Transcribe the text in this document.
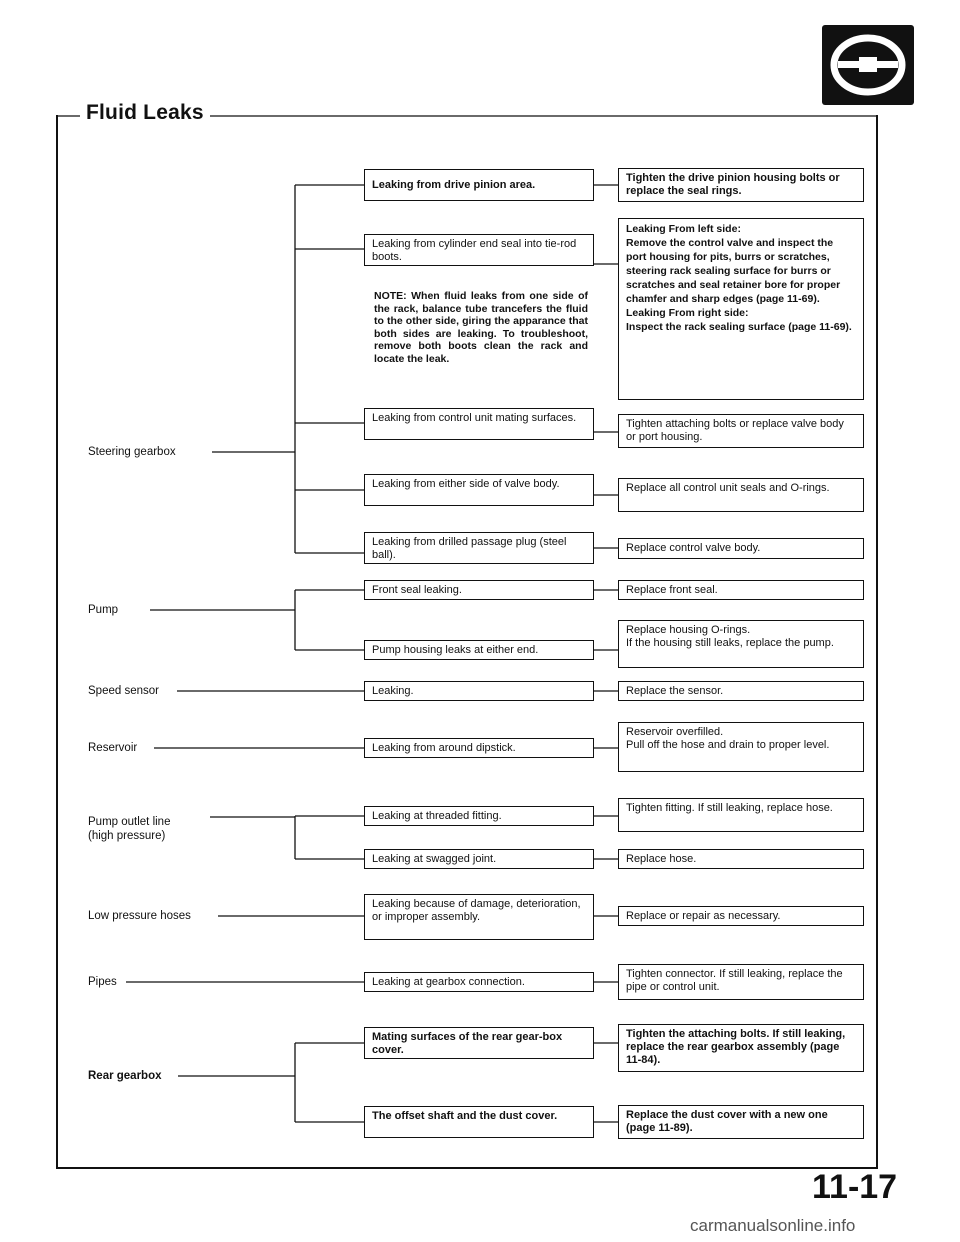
Fluid Leaks
Steering gearbox
Pump
Speed sensor
Reservoir
Pump outlet line
(high pressure)
Low pressure hoses
Pipes
Rear gearbox
Leaking from drive pinion area.
Leaking from cylinder end seal into tie-rod boots.
Leaking from control unit mating surfaces.
Leaking from either side of valve body.
Leaking from drilled passage plug (steel ball).
Front seal leaking.
Pump housing leaks at either end.
Leaking.
Leaking from around dipstick.
Leaking at threaded fitting.
Leaking at swagged joint.
Leaking because of damage, deterioration, or improper assembly.
Leaking at gearbox connection.
Mating surfaces of the rear gear-box cover.
The offset shaft and the dust cover.
NOTE: When fluid leaks from one side of the rack, balance tube trancefers the fluid to the other side, giring the apparance that both sides are leaking. To troubleshoot, remove both boots clean the rack and locate the leak.
Tighten the drive pinion housing bolts or replace the seal rings.
Leaking From left side:
Remove the control valve and inspect the port housing for pits, burrs or scratches, steering rack sealing surface for burrs or scratches and seal retainer bore for proper chamfer and sharp edges (page 11-69).
Leaking From right side:
Inspect the rack sealing surface (page 11-69).
Tighten attaching bolts or replace valve body or port housing.
Replace all control unit seals and O-rings.
Replace control valve body.
Replace front seal.
Replace housing O-rings.
If the housing still leaks, replace the pump.
Replace the sensor.
Reservoir overfilled.
Pull off the hose and drain to proper level.
Tighten fitting. If still leaking, replace hose.
Replace hose.
Replace or repair as necessary.
Tighten connector. If still leaking, replace the pipe or control unit.
Tighten the attaching bolts. If still leaking, replace the rear gearbox assembly (page 11-84).
Replace the dust cover with a new one (page 11-89).
11-17
carmanualsonline.info
